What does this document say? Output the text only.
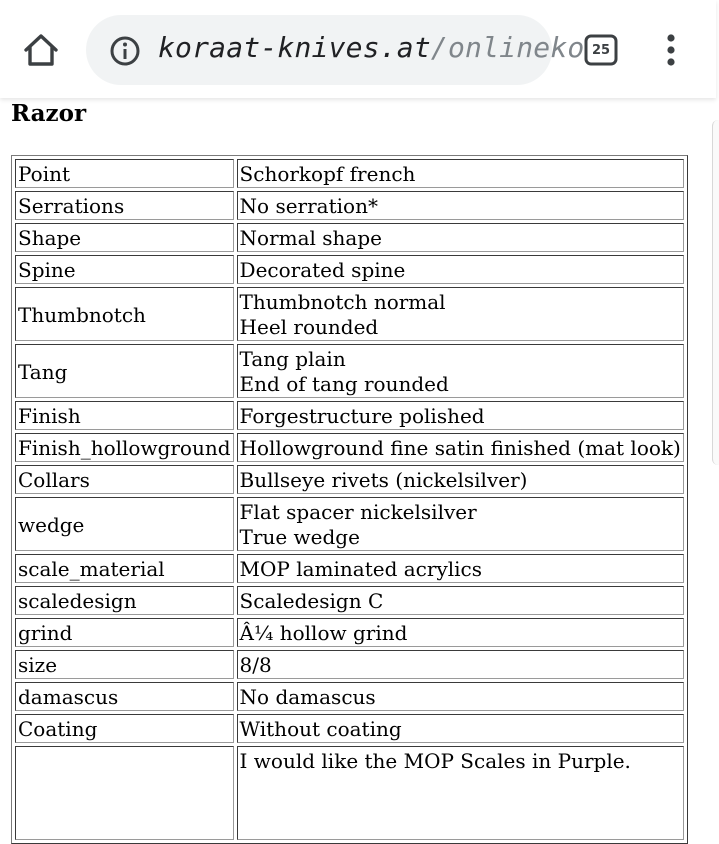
koraat-knives.at/onlineko 25
Razor
Point	Schorkopf french

Serrations	No serration*

Shape	Normal shape

Spine	Decorated spine

Thumbnotch	Thumbnotch normal
Heel rounded

Tang	Tang plain
End of tang rounded

Finish	Forgestructure polished

Finish_hollowground	Hollowground fine satin finished (mat look)

Collars	Bullseye rivets (nickelsilver)

wedge	Flat spacer nickelsilver
True wedge

scale_material	MOP laminated acrylics

scaledesign	Scaledesign C

grind	Â¼ hollow grind

size	8/8

damascus	No damascus

Coating	Without coating

	I would like the MOP Scales in Purple.
